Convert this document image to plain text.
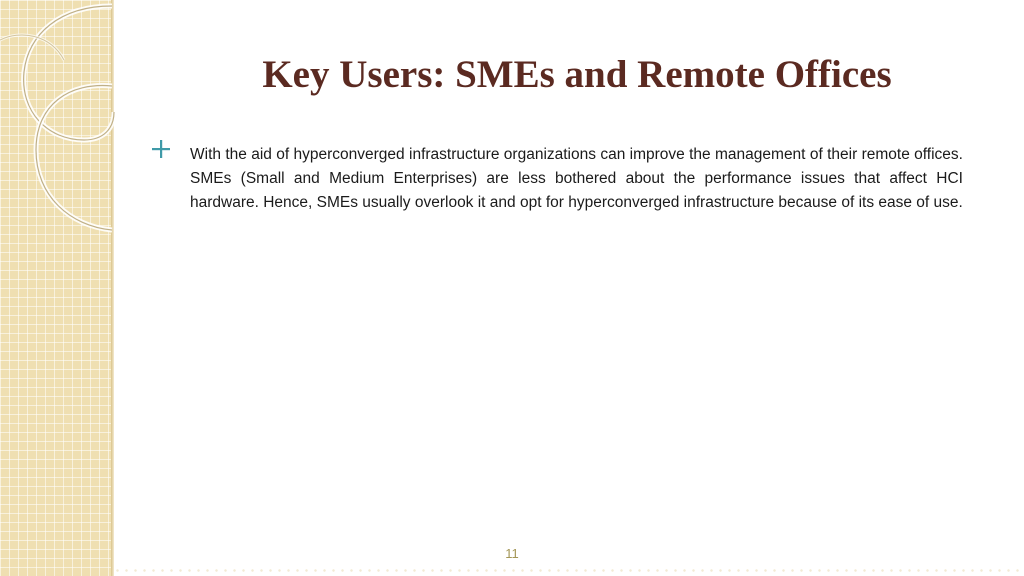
Key Users: SMEs and Remote Offices

With the aid of hyperconverged infrastructure organizations can improve the management of their remote offices. SMEs (Small and Medium Enterprises) are less bothered about the performance issues that affect HCI hardware. Hence, SMEs usually overlook it and opt for hyperconverged infrastructure because of its ease of use.

11
